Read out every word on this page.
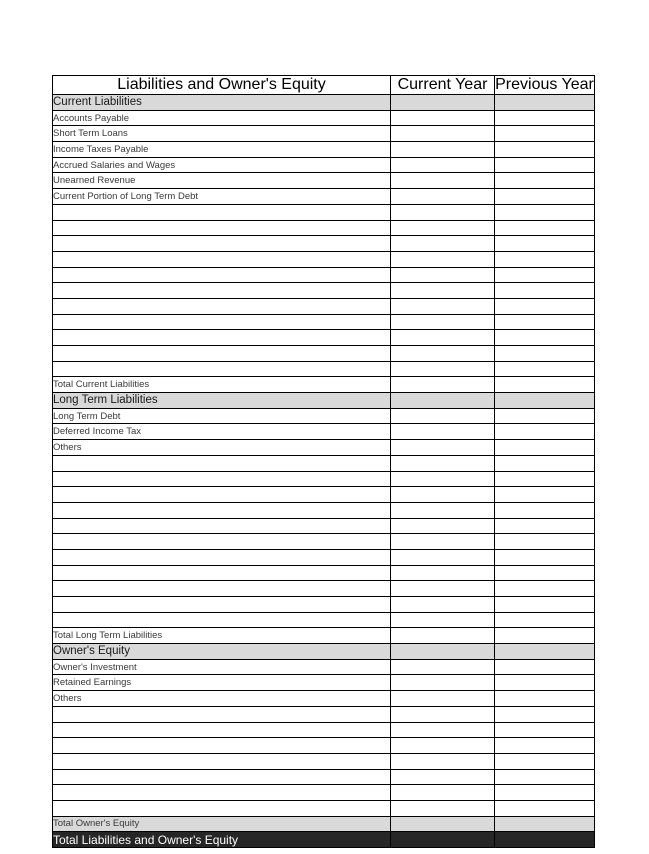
Liabilities and Owner's Equity	Current Year	Previous Year
Current Liabilities		
Accounts Payable		
Short Term Loans		
Income Taxes Payable		
Accrued Salaries and Wages		
Unearned Revenue		
Current Portion of Long Term Debt		

Total Current Liabilities		
Long Term Liabilities		
Long Term Debt		
Deferred Income Tax		
Others		

Total Long Term Liabilities		
Owner's Equity		
Owner's Investment		
Retained Earnings		
Others		

Total Owner's Equity		
Total Liabilities and Owner's Equity		
